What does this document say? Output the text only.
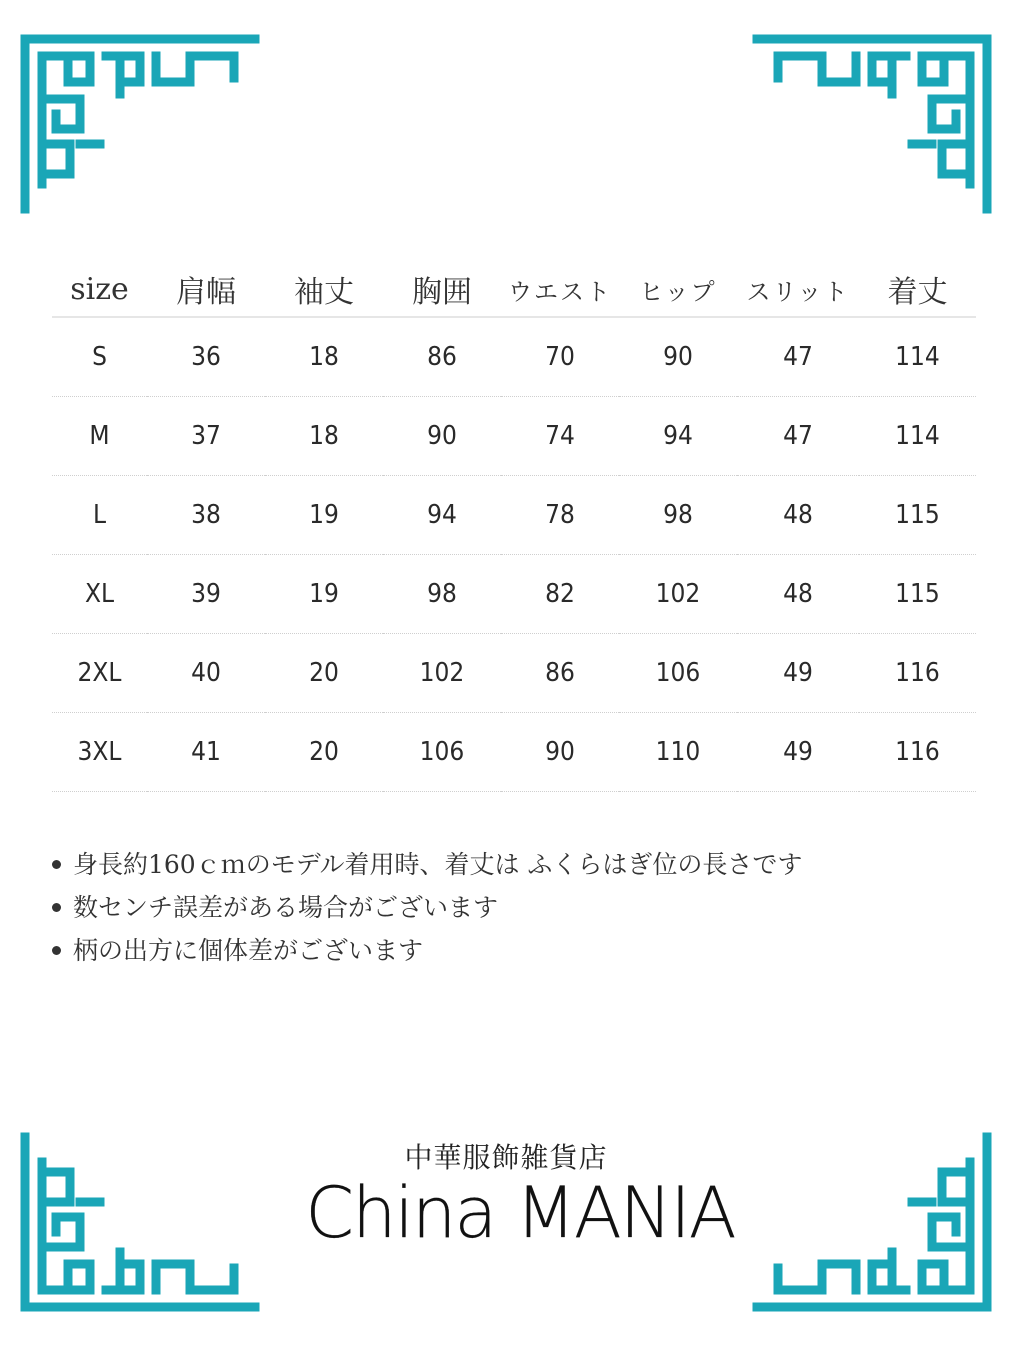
size	肩幅	袖丈	胸囲	ウエスト	ヒップ	スリット	着丈
S	36	18	86	70	90	47	114
M	37	18	90	74	94	47	114
L	38	19	94	78	98	48	115
XL	39	19	98	82	102	48	115
2XL	40	20	102	86	106	49	116
3XL	41	20	106	90	110	49	116
身長約160ｃｍのモデル着用時、着丈は ふくらはぎ位の長さです
数センチ誤差がある場合がございます
柄の出方に個体差がございます
中華服飾雑貨店
China MANIA
